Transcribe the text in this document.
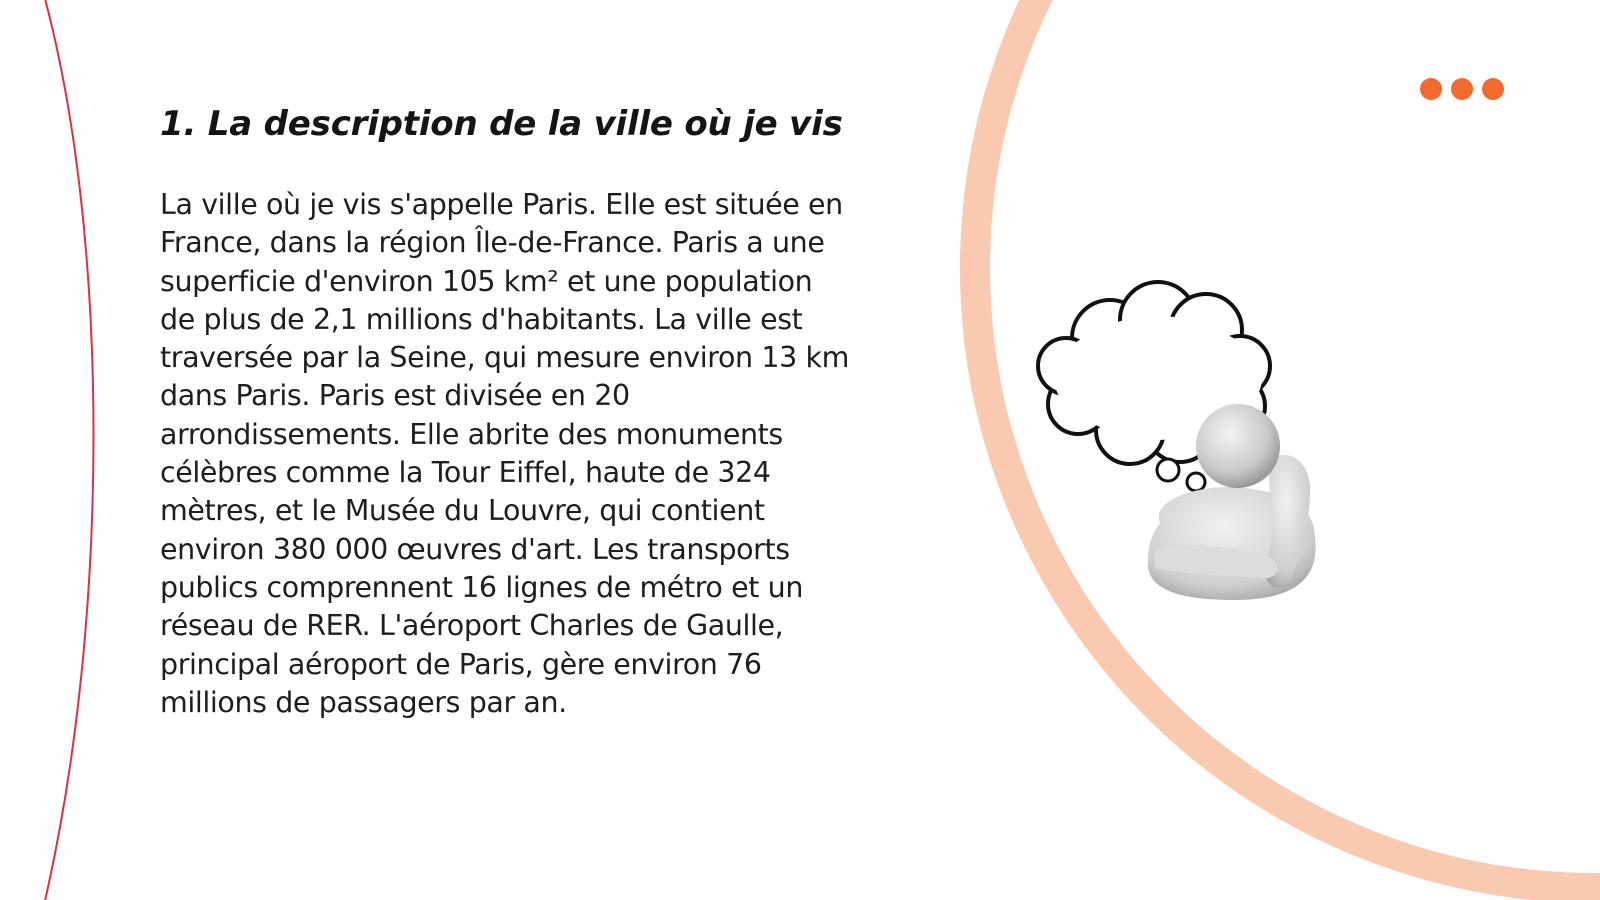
1. La description de la ville où je vis

La ville où je vis s'appelle Paris. Elle est située en France, dans la région Île-de-France. Paris a une superficie d'environ 105 km² et une population de plus de 2,1 millions d'habitants. La ville est traversée par la Seine, qui mesure environ 13 km dans Paris. Paris est divisée en 20 arrondissements. Elle abrite des monuments célèbres comme la Tour Eiffel, haute de 324 mètres, et le Musée du Louvre, qui contient environ 380 000 œuvres d'art. Les transports publics comprennent 16 lignes de métro et un réseau de RER. L'aéroport Charles de Gaulle, principal aéroport de Paris, gère environ 76 millions de passagers par an.
